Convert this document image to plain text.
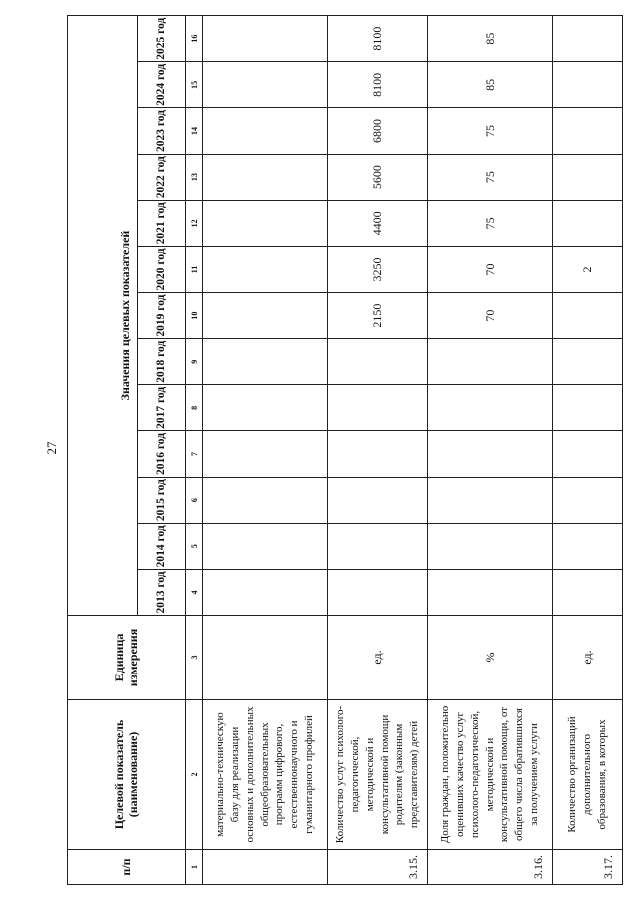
27
п/п	Целевой показатель (наименование)	Единица измерения	Значения целевых показателей												
			2013 год	2014 год	2015 год	2016 год	2017 год	2018 год	2019 год	2020 год	2021 год	2022 год	2023 год	2024 год	2025 год
1	2	3	4	5	6	7	8	9	10	11	12	13	14	15	16
	материально-техническую базу для реализации основных и дополнительных общеобразовательных программ цифрового, естественнонаучного и гуманитарного профилей														
3.15.	Количество услуг психолого-педагогической, методической и консультативной помощи родителям (законным представителям) детей	ед.							2150	3250	4400	5600	6800	8100	8100
3.16.	Доля граждан, положительно оценивших качество услуг психолого-педагогической, методической и консультативной помощи, от общего числа обратившихся за получением услуги	%							70	70	75	75	75	85	85
3.17.	Количество организаций дополнительного образования, в которых	ед.								2					
